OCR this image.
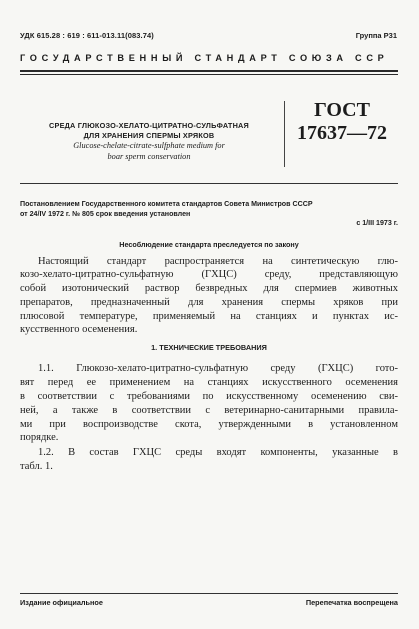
УДК 615.28 : 619 : 611-013.11(083.74)	Группа Р31
ГОСУДАРСТВЕННЫЙ СТАНДАРТ СОЮЗА ССР
СРЕДА ГЛЮКОЗО-ХЕЛАТО-ЦИТРАТНО-СУЛЬФАТНАЯ
ДЛЯ ХРАНЕНИЯ СПЕРМЫ ХРЯКОВ
Glucose-chelate-citrate-sulfphate medium for
boar sperm conservation
ГОСТ
17637—72
Постановлением Государственного комитета стандартов Совета Министров СССР
от 24/IV 1972 г. № 805 срок введения установлен
с 1/III 1973 г.
Несоблюдение стандарта преследуется по закону
Настоящий стандарт распространяется на синтетическую глю-
козо-хелато-цитратно-сульфатную (ГХЦС) среду, представляющую
собой изотонический раствор безвредных для спермиев животных
препаратов, предназначенный для хранения спермы хряков при
плюсовой температуре, применяемый на станциях и пунктах ис-
кусственного осеменения.
1. ТЕХНИЧЕСКИЕ ТРЕБОВАНИЯ
1.1. Глюкозо-хелато-цитратно-сульфатную среду (ГХЦС) гото-
вят перед ее применением на станциях искусственного осеменения
в соответствии с требованиями по искусственному осеменению сви-
ней, а также в соответствии с ветеринарно-санитарными правила-
ми при воспроизводстве скота, утвержденными в установленном
порядке.
1.2. В состав ГХЦС среды входят компоненты, указанные в
табл. 1.
Издание официальное	Перепечатка воспрещена
